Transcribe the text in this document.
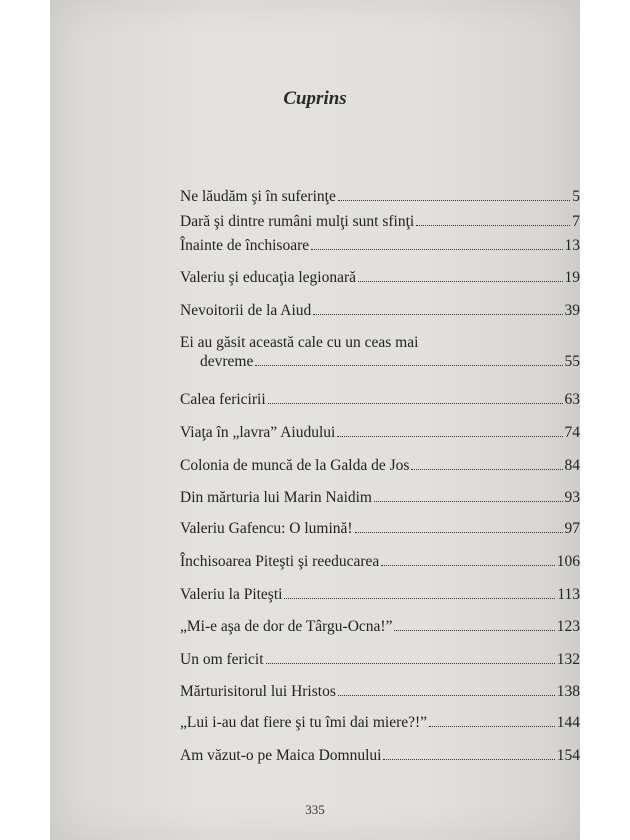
Cuprins
Ne lăudăm şi în suferinţe	5
Dară şi dintre rumâni mulţi sunt sfinţi	7
Înainte de închisoare	13
Valeriu şi educaţia legionară	19
Nevoitorii de la Aiud	39
Ei au găsit această cale cu un ceas mai
devreme	55
Calea fericirii	63
Viaţa în „lavra” Aiudului	74
Colonia de muncă de la Galda de Jos	84
Din mărturia lui Marin Naidim	93
Valeriu Gafencu: O lumină!	97
Închisoarea Piteşti şi reeducarea	106
Valeriu la Piteşti	113
„Mi-e aşa de dor de Târgu-Ocna!”	123
Un om fericit	132
Mărturisitorul lui Hristos	138
„Lui i-au dat fiere şi tu îmi dai miere?!”	144
Am văzut-o pe Maica Domnului	154
335
